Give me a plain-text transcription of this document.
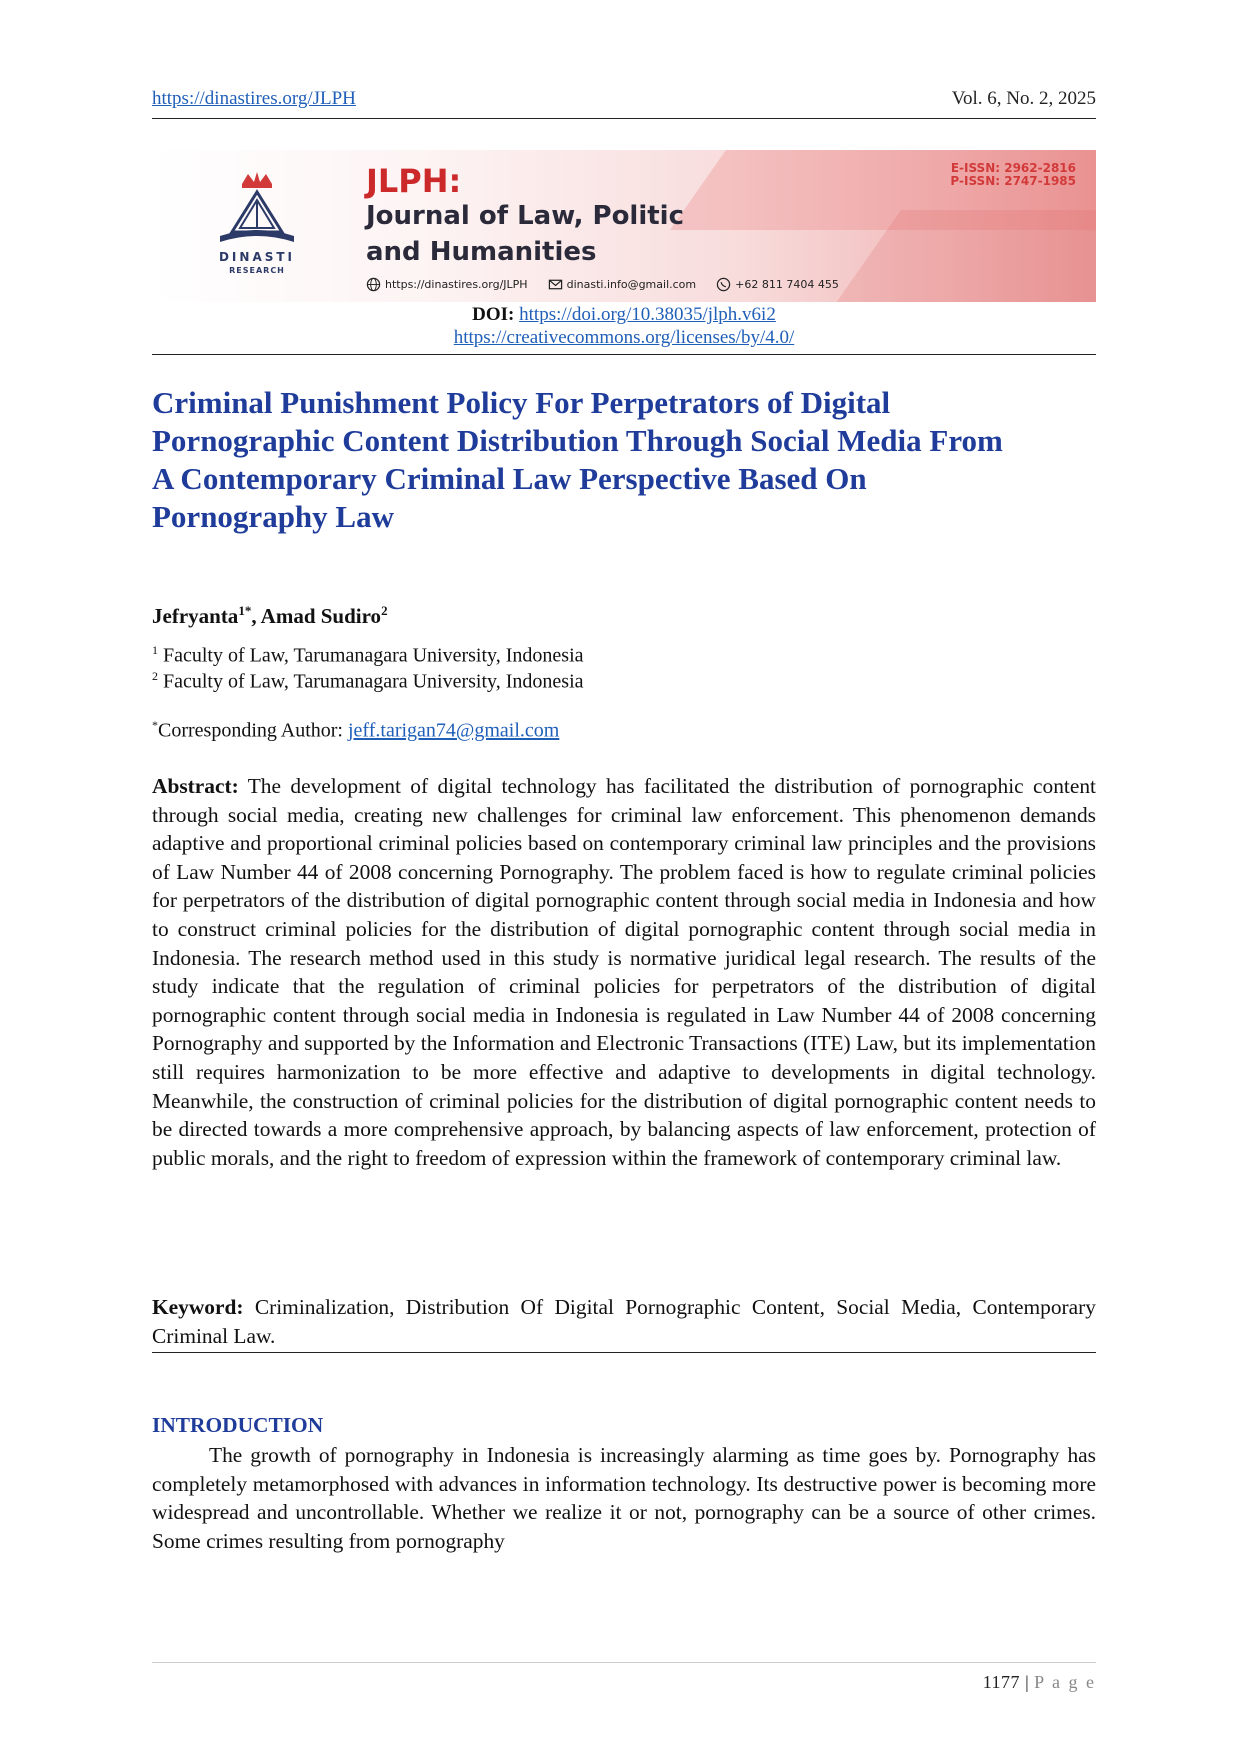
https://dinastires.org/JLPH	Vol. 6, No. 2, 2025
DINASTI
RESEARCH
JLPH:
Journal of Law, Politic
and Humanities
E-ISSN: 2962-2816
P-ISSN: 2747-1985
https://dinastires.org/JLPH	dinasti.info@gmail.com	+62 811 7404 455
DOI: https://doi.org/10.38035/jlph.v6i2
https://creativecommons.org/licenses/by/4.0/
Criminal Punishment Policy For Perpetrators of Digital
Pornographic Content Distribution Through Social Media From
A Contemporary Criminal Law Perspective Based On
Pornography Law
Jefryanta$^{1*}$, Amad Sudiro$^2$
$^1$ Faculty of Law, Tarumanagara University, Indonesia
$^2$ Faculty of Law, Tarumanagara University, Indonesia
*Corresponding Author: jeff.tarigan74@gmail.com

Abstract: The development of digital technology has facilitated the distribution of pornographic content through social media, creating new challenges for criminal law enforcement. This phenomenon demands adaptive and proportional criminal policies based on contemporary criminal law principles and the provisions of Law Number 44 of 2008 concerning Pornography. The problem faced is how to regulate criminal policies for perpetrators of the distribution of digital pornographic content through social media in Indonesia and how to construct criminal policies for the distribution of digital pornographic content through social media in Indonesia. The research method used in this study is normative juridical legal research. The results of the study indicate that the regulation of criminal policies for perpetrators of the distribution of digital pornographic content through social media in Indonesia is regulated in Law Number 44 of 2008 concerning Pornography and supported by the Information and Electronic Transactions (ITE) Law, but its implementation still requires harmonization to be more effective and adaptive to developments in digital technology. Meanwhile, the construction of criminal policies for the distribution of digital pornographic content needs to be directed towards a more comprehensive approach, by balancing aspects of law enforcement, protection of public morals, and the right to freedom of expression within the framework of contemporary criminal law.

Keyword: Criminalization, Distribution Of Digital Pornographic Content, Social Media, Contemporary Criminal Law.

INTRODUCTION

The growth of pornography in Indonesia is increasingly alarming as time goes by. Pornography has completely metamorphosed with advances in information technology. Its destructive power is becoming more widespread and uncontrollable. Whether we realize it or not, pornography can be a source of other crimes. Some crimes resulting from pornography

1177 | P a g e
